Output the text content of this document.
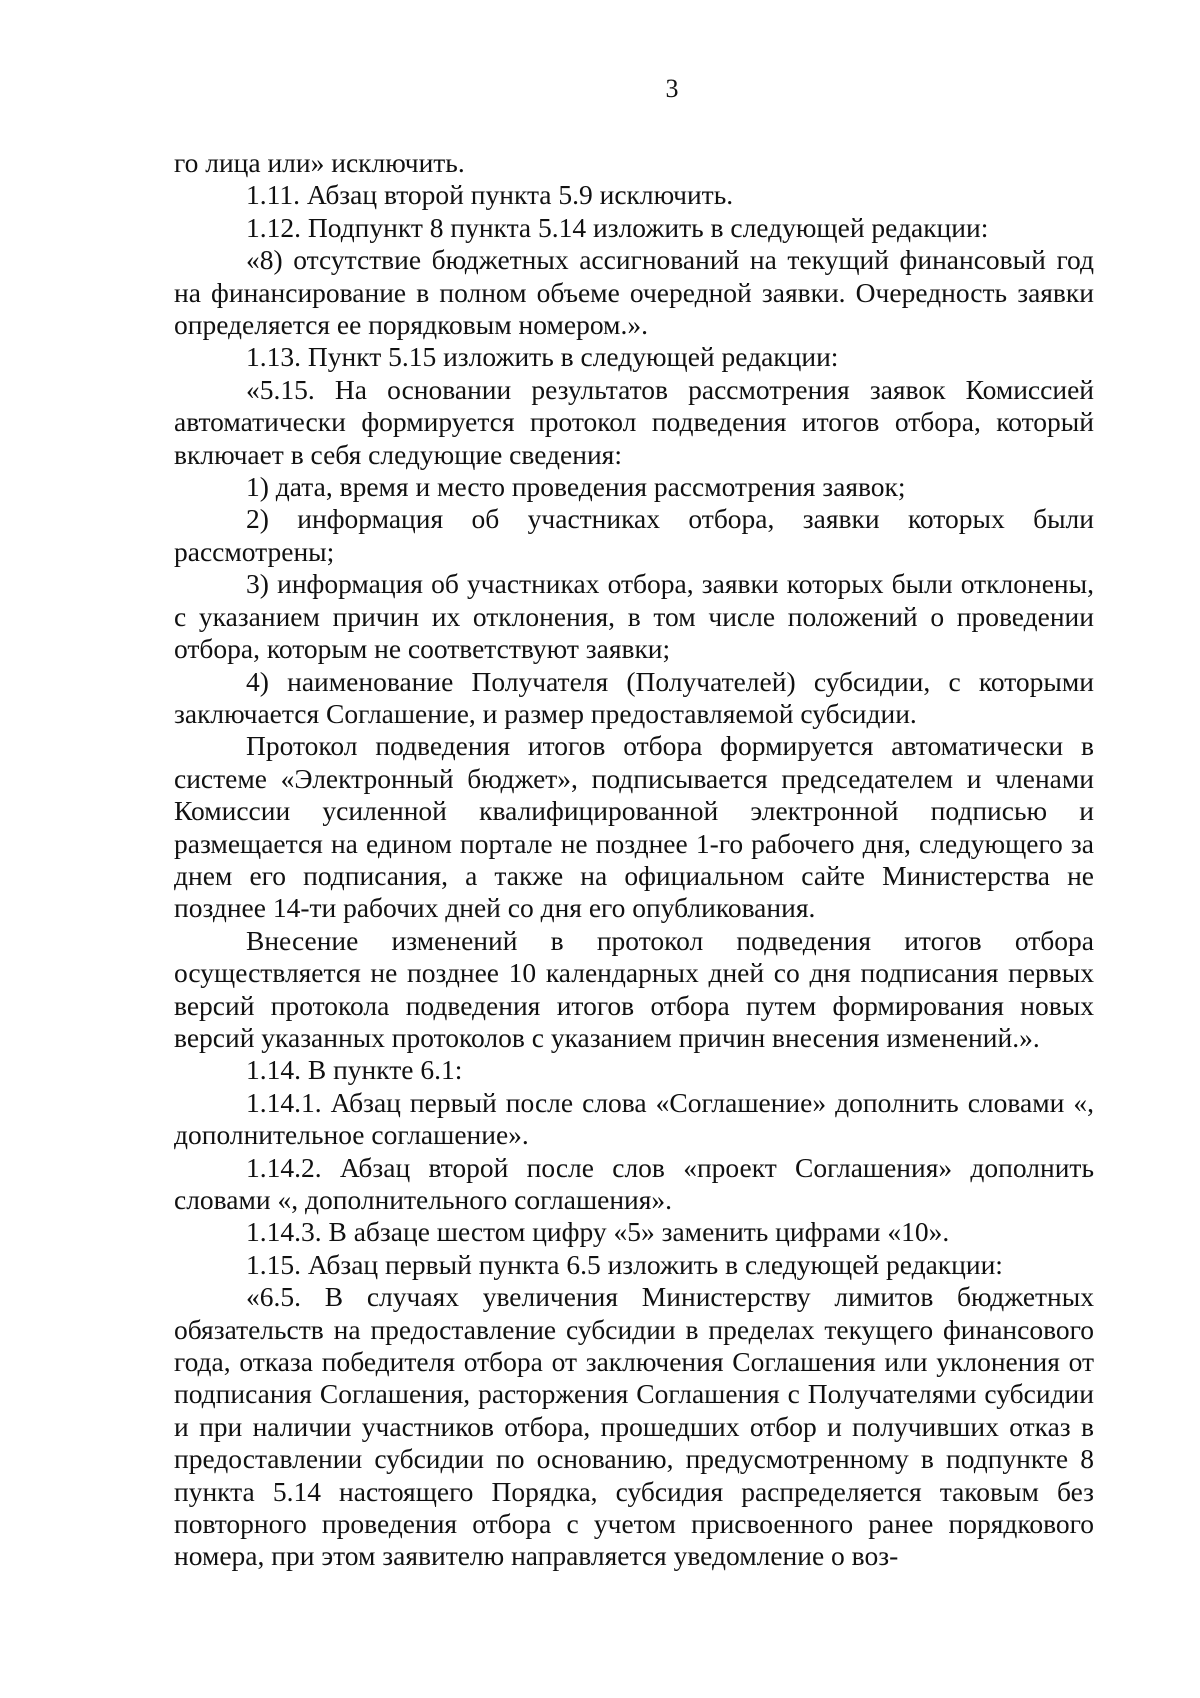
3

го лица или» исключить.

1.11. Абзац второй пункта 5.9 исключить.

1.12. Подпункт 8 пункта 5.14 изложить в следующей редакции:

«8) отсутствие бюджетных ассигнований на текущий финансовый год на финансирование в полном объеме очередной заявки. Очередность заявки определяется ее порядковым номером.».

1.13. Пункт 5.15 изложить в следующей редакции:

«5.15. На основании результатов рассмотрения заявок Комиссией автоматически формируется протокол подведения итогов отбора, который включает в себя следующие сведения:

1) дата, время и место проведения рассмотрения заявок;

2) информация об участниках отбора, заявки которых были рассмотрены;

3) информация об участниках отбора, заявки которых были отклонены, с указанием причин их отклонения, в том числе положений о проведении отбора, которым не соответствуют заявки;

4) наименование Получателя (Получателей) субсидии, с которыми заключается Соглашение, и размер предоставляемой субсидии.

Протокол подведения итогов отбора формируется автоматически в системе «Электронный бюджет», подписывается председателем и членами Комиссии усиленной квалифицированной электронной подписью и размещается на едином портале не позднее 1-го рабочего дня, следующего за днем его подписания, а также на официальном сайте Министерства не позднее 14-ти рабочих дней со дня его опубликования.

Внесение изменений в протокол подведения итогов отбора осуществляется не позднее 10 календарных дней со дня подписания первых версий протокола подведения итогов отбора путем формирования новых версий указанных протоколов с указанием причин внесения изменений.».

1.14. В пункте 6.1:

1.14.1. Абзац первый после слова «Соглашение» дополнить словами «, дополнительное соглашение».

1.14.2. Абзац второй после слов «проект Соглашения» дополнить словами «, дополнительного соглашения».

1.14.3. В абзаце шестом цифру «5» заменить цифрами «10».

1.15. Абзац первый пункта 6.5 изложить в следующей редакции:

«6.5. В случаях увеличения Министерству лимитов бюджетных обязательств на предоставление субсидии в пределах текущего финансового года, отказа победителя отбора от заключения Соглашения или уклонения от подписания Соглашения, расторжения Соглашения с Получателями субсидии и при наличии участников отбора, прошедших отбор и получивших отказ в предоставлении субсидии по основанию, предусмотренному в подпункте 8 пункта 5.14 настоящего Порядка, субсидия распределяется таковым без повторного проведения отбора с учетом присвоенного ранее порядкового номера, при этом заявителю направляется уведомление о воз-
